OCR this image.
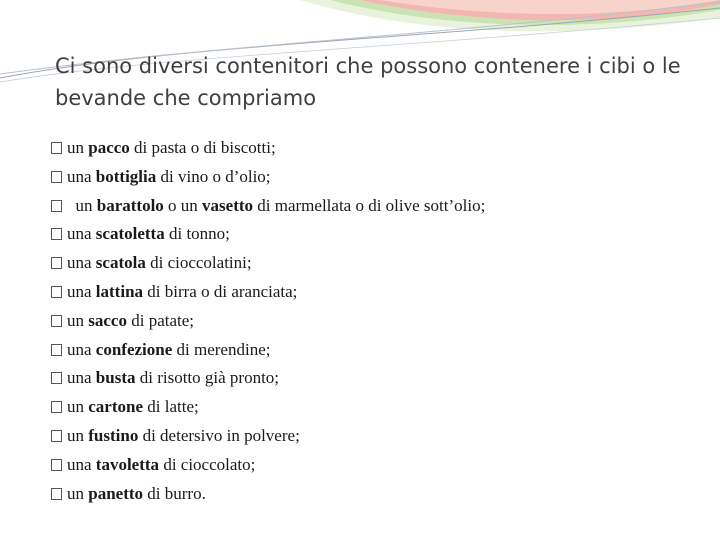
Ci sono diversi contenitori che possono contenere i cibi o le bevande che compriamo
un pacco di pasta o di biscotti;
una bottiglia di vino o d’olio;
un barattolo o un vasetto di marmellata o di olive sott’olio;
una scatoletta di tonno;
una scatola di cioccolatini;
una lattina di birra o di aranciata;
un sacco di patate;
una confezione di merendine;
una busta di risotto già pronto;
un cartone di latte;
un fustino di detersivo in polvere;
una tavoletta di cioccolato;
un panetto di burro.
